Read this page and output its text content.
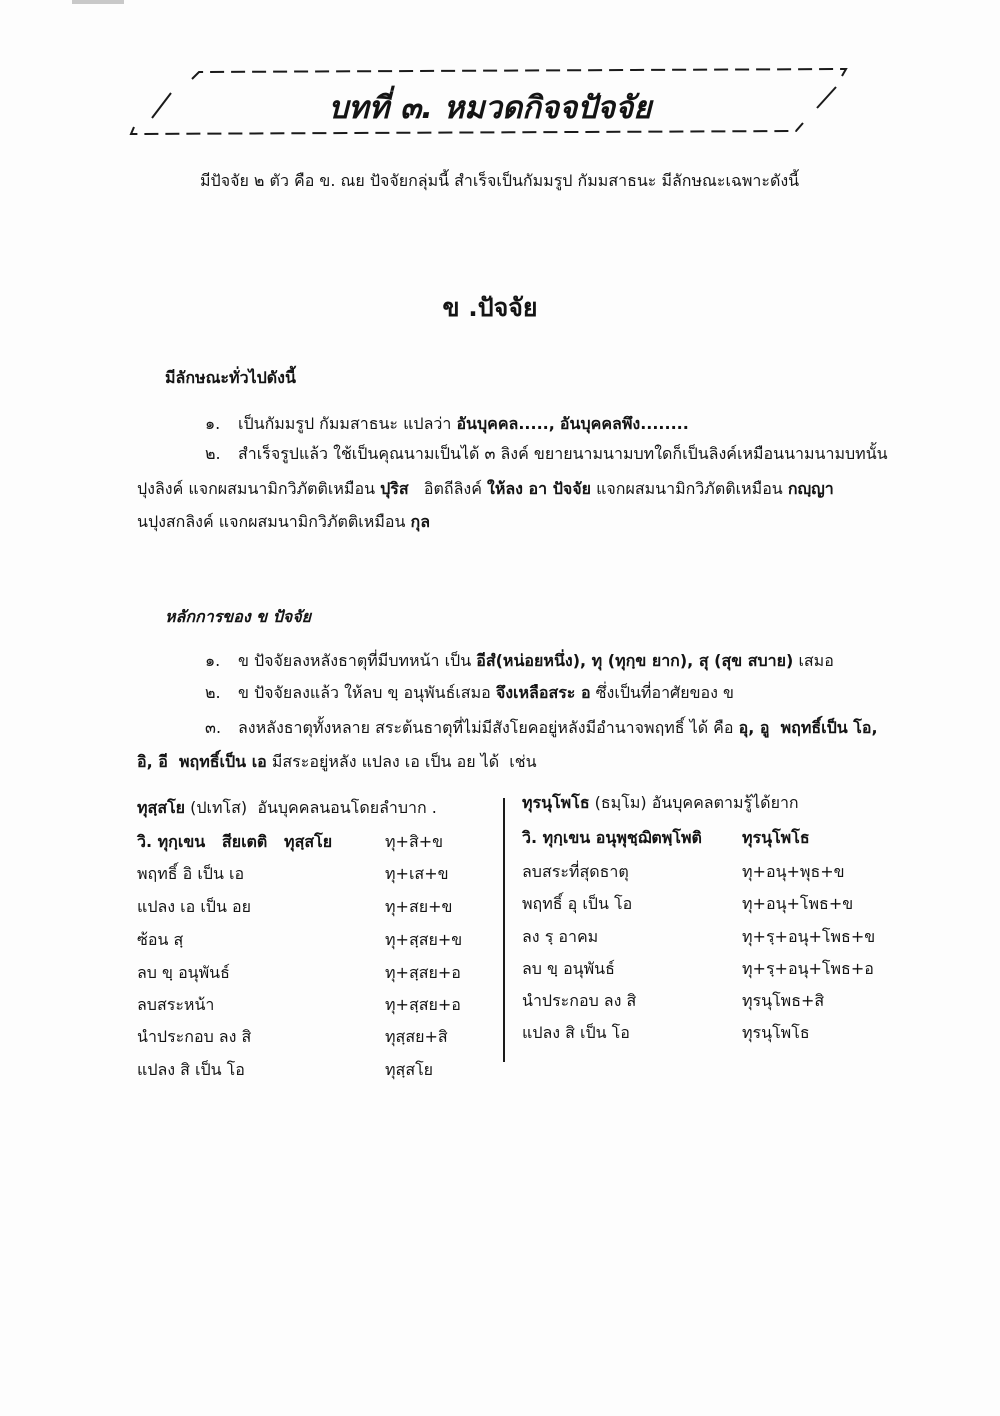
บทที่ ๓. หมวดกิจจปัจจัย
มีปัจจัย ๒ ตัว คือ ข. ณย ปัจจัยกลุ่มนี้ สำเร็จเป็นกัมมรูป กัมมสาธนะ มีลักษณะเฉพาะดังนี้
ข .ปัจจัย
มีลักษณะทั่วไปดังนี้
๑. เป็นกัมมรูป กัมมสาธนะ แปลว่า อันบุคคล....., อันบุคคลพึง........
๒. สำเร็จรูปแล้ว ใช้เป็นคุณนามเป็นได้ ๓ ลิงค์ ขยายนามนามบทใดก็เป็นลิงค์เหมือนนามนามบทนั้น
ปุงลิงค์ แจกผสมนามิกวิภัตติเหมือน ปุริส   อิตถีลิงค์ ให้ลง อา ปัจจัย แจกผสมนามิกวิภัตติเหมือน กญฺญา
นปุงสกลิงค์ แจกผสมนามิกวิภัตติเหมือน กุล
หลักการของ ข ปัจจัย
๑. ข ปัจจัยลงหลังธาตุที่มีบทหน้า เป็น อีสํ(หน่อยหนึ่ง), ทุ (ทุกฺข ยาก), สุ (สุข สบาย) เสมอ
๒. ข ปัจจัยลงแล้ว ให้ลบ ขฺ อนุพันธ์เสมอ จึงเหลือสระ อ ซึ่งเป็นที่อาศัยของ ข
๓. ลงหลังธาตุทั้งหลาย สระต้นธาตุที่ไม่มีสังโยคอยู่หลังมีอำนาจพฤทธิ์ ได้ คือ อุ, อู  พฤทธิ์เป็น โอ,
อิ, อี  พฤทธิ์เป็น เอ มีสระอยู่หลัง แปลง เอ เป็น อย ได้  เช่น
ทุสฺสโย (ปเทโส)  อันบุคคลนอนโดยลำบาก .
วิ. ทุกฺเขน   สียเตติ   ทุสฺสโย	ทุ+สิ+ข
พฤทธิ์ อิ เป็น เอ	ทุ+เส+ข
แปลง เอ เป็น อย	ทุ+สย+ข
ซ้อน สฺ	ทุ+สฺสย+ข
ลบ ขฺ อนุพันธ์	ทุ+สฺสย+อ
ลบสระหน้า	ทุ+สฺสย+อ
นำประกอบ ลง สิ	ทุสฺสย+สิ
แปลง สิ เป็น โอ	ทุสฺสโย
ทุรนุโพโธ (ธมฺโม) อันบุคคลตามรู้ได้ยาก
วิ. ทุกฺเขน อนุพุชฺฌิตพฺโพติ	ทุรนุโพโธ
ลบสระที่สุดธาตุ	ทุ+อนุ+พุธ+ข
พฤทธิ์ อุ เป็น โอ	ทุ+อนุ+โพธ+ข
ลง รฺ อาคม	ทุ+รฺ+อนุ+โพธ+ข
ลบ ขฺ อนุพันธ์	ทุ+รฺ+อนุ+โพธ+อ
นำประกอบ ลง สิ	ทุรนุโพธ+สิ
แปลง สิ เป็น โอ	ทุรนุโพโธ
